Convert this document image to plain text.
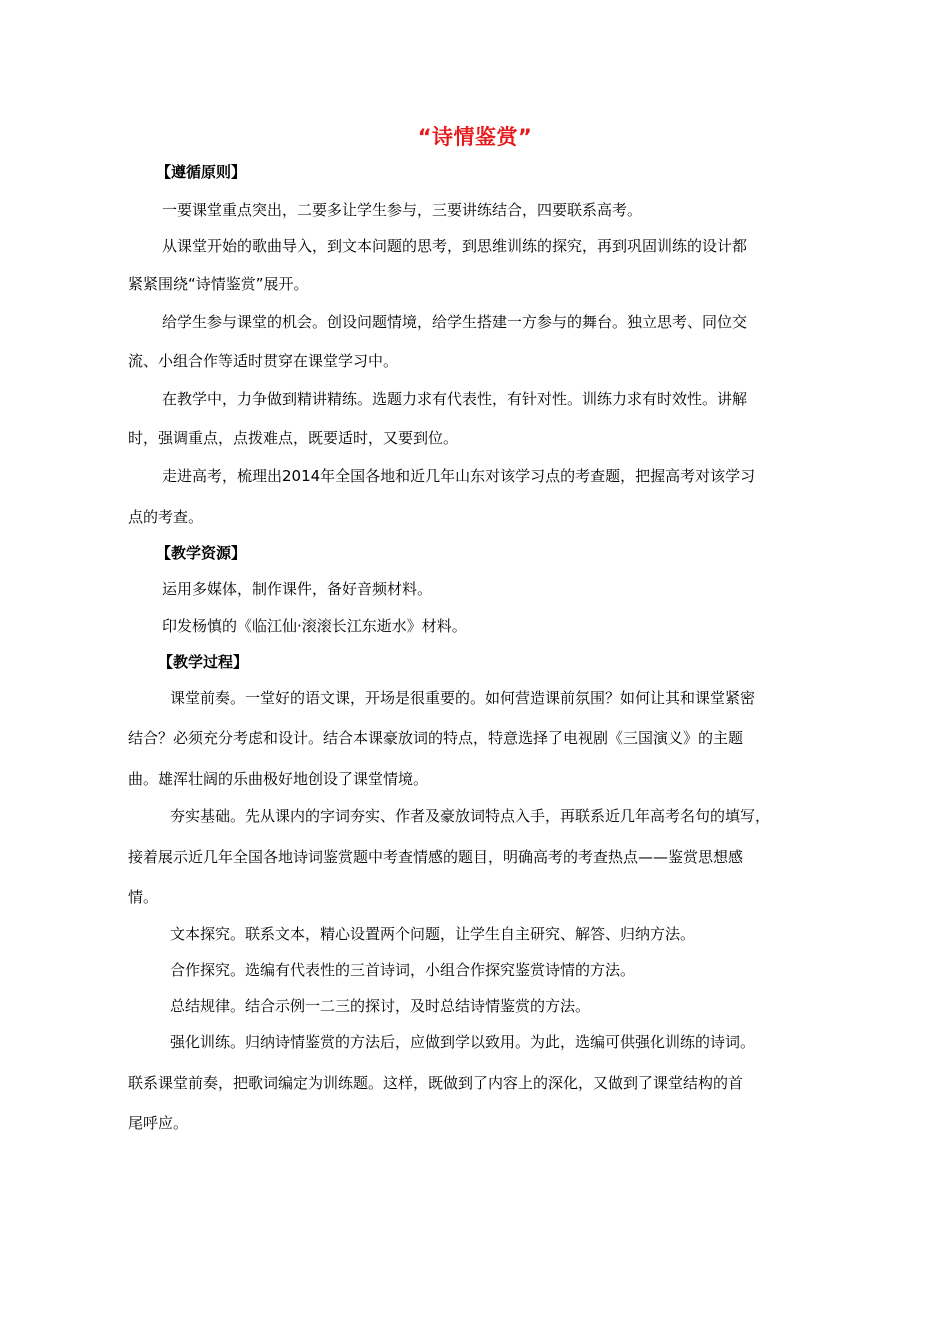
“诗情鉴赏”
【遵循原则】
一要课堂重点突出，二要多让学生参与，三要讲练结合，四要联系高考。
从课堂开始的歌曲导入，到文本问题的思考，到思维训练的探究，再到巩固训练的设计都
紧紧围绕“诗情鉴赏”展开。
给学生参与课堂的机会。创设问题情境，给学生搭建一方参与的舞台。独立思考、同位交
流、小组合作等适时贯穿在课堂学习中。
在教学中，力争做到精讲精练。选题力求有代表性，有针对性。训练力求有时效性。讲解
时，强调重点，点拨难点，既要适时，又要到位。
走进高考，梳理出2014年全国各地和近几年山东对该学习点的考查题，把握高考对该学习
点的考查。
【教学资源】
运用多媒体，制作课件，备好音频材料。
印发杨慎的《临江仙·滚滚长江东逝水》材料。
【教学过程】
课堂前奏。一堂好的语文课，开场是很重要的。如何营造课前氛围？如何让其和课堂紧密
结合？必须充分考虑和设计。结合本课豪放词的特点，特意选择了电视剧《三国演义》的主题
曲。雄浑壮阔的乐曲极好地创设了课堂情境。
夯实基础。先从课内的字词夯实、作者及豪放词特点入手，再联系近几年高考名句的填写，
接着展示近几年全国各地诗词鉴赏题中考查情感的题目，明确高考的考查热点——鉴赏思想感
情。
文本探究。联系文本，精心设置两个问题，让学生自主研究、解答、归纳方法。
合作探究。选编有代表性的三首诗词，小组合作探究鉴赏诗情的方法。
总结规律。结合示例一二三的探讨，及时总结诗情鉴赏的方法。
强化训练。归纳诗情鉴赏的方法后，应做到学以致用。为此，选编可供强化训练的诗词。
联系课堂前奏，把歌词编定为训练题。这样，既做到了内容上的深化，又做到了课堂结构的首
尾呼应。
